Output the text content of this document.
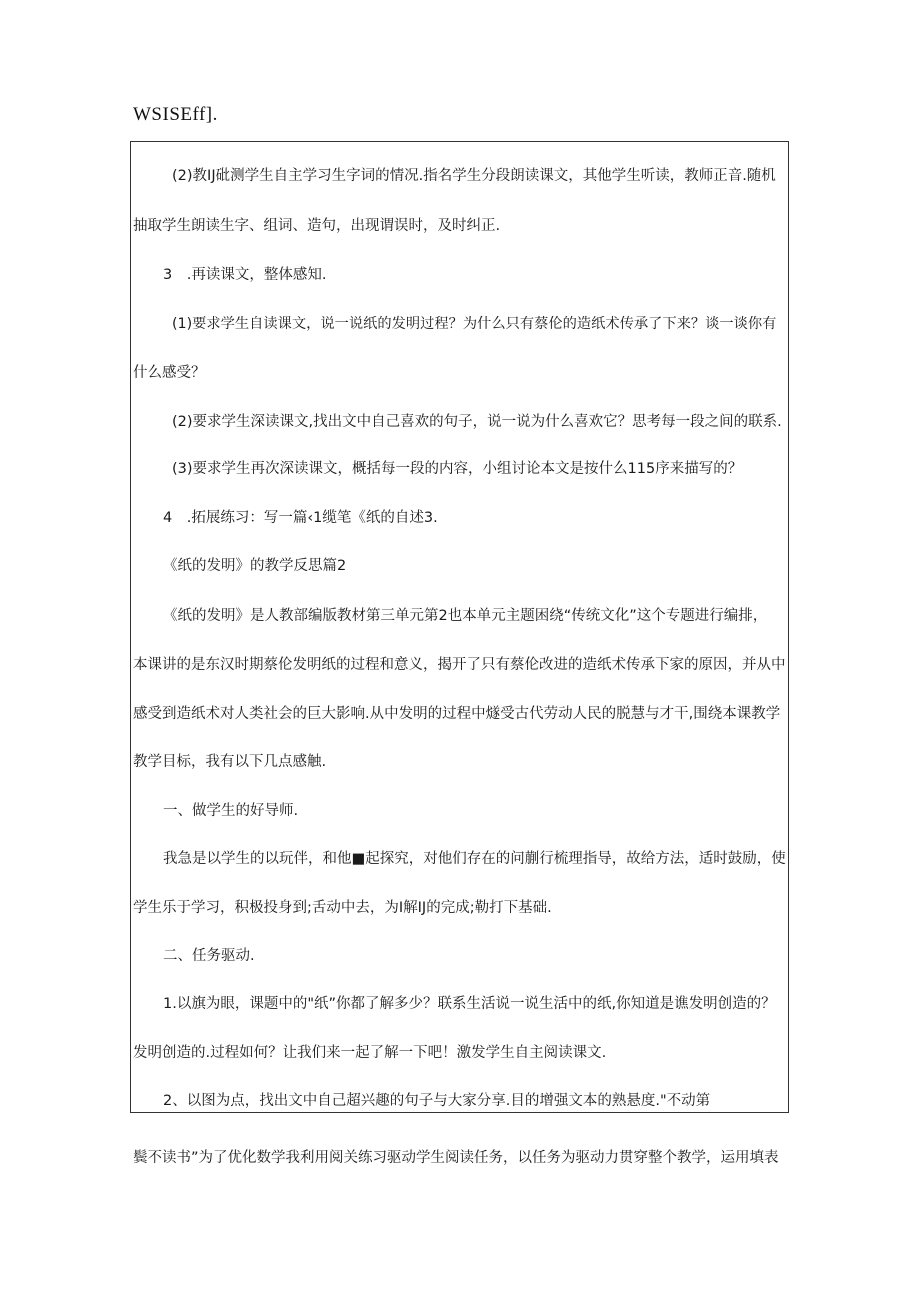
WSISEff].

(2)教IJ砒测学生自主学习生字词的情况.指名学生分段朗读课文，其他学生听读，教师正音.随机

抽取学生朗读生字、组词、造句，出现谓误时，及时纠正.

3　.再读课文，整体感知.

(1)要求学生自读课文，说一说纸的发明过程？为什么只有蔡伦的造纸术传承了下来？谈一谈你有

什么感受？

(2)要求学生深读课文,找出文中自己喜欢的句子，说一说为什么喜欢它？思考每一段之间的联系.

(3)要求学生再次深读课文，概括每一段的内容，小组讨论本文是按什么115序来描写的？

4　.拓展练习：写一篇‹1缆笔《纸的自述3.

《纸的发明》的教学反思篇2

《纸的发明》是人教部编版教材第三单元第2也本单元主题困绕“传统文化”这个专题进行编排，

本课讲的是东汉时期蔡伦发明纸的过程和意义，揭开了只有蔡伦改进的造纸术传承下家的原因，并从中

感受到造纸术对人类社会的巨大影响.从中发明的过程中燧受古代劳动人民的脱慧与才干,围绕本课教学

教学目标，我有以下几点感触.

一、做学生的好导师.

我急是以学生的以玩伴，和他■起探究，对他们存在的问蒯行梳理指导，故给方法，适时鼓励，使

学生乐于学习，积极投身到;舌动中去，为I解IJ的完成;勒打下基础.

二、任务驱动.

1.以旗为眼，课题中的"纸”你都了解多少？联系生活说一说生活中的纸,你知道是谯发明创造的？

发明创造的.过程如何？让我们来一起了解一下吧！激发学生自主阅读课文.

2、以图为点，找出文中自己超兴趣的句子与大家分享.目的增强文本的熟悬度."不动第

鬓不读书”为了优化数学我利用阅关练习驱动学生阅读任务，以任务为驱动力贯穿整个教学，运用填表
